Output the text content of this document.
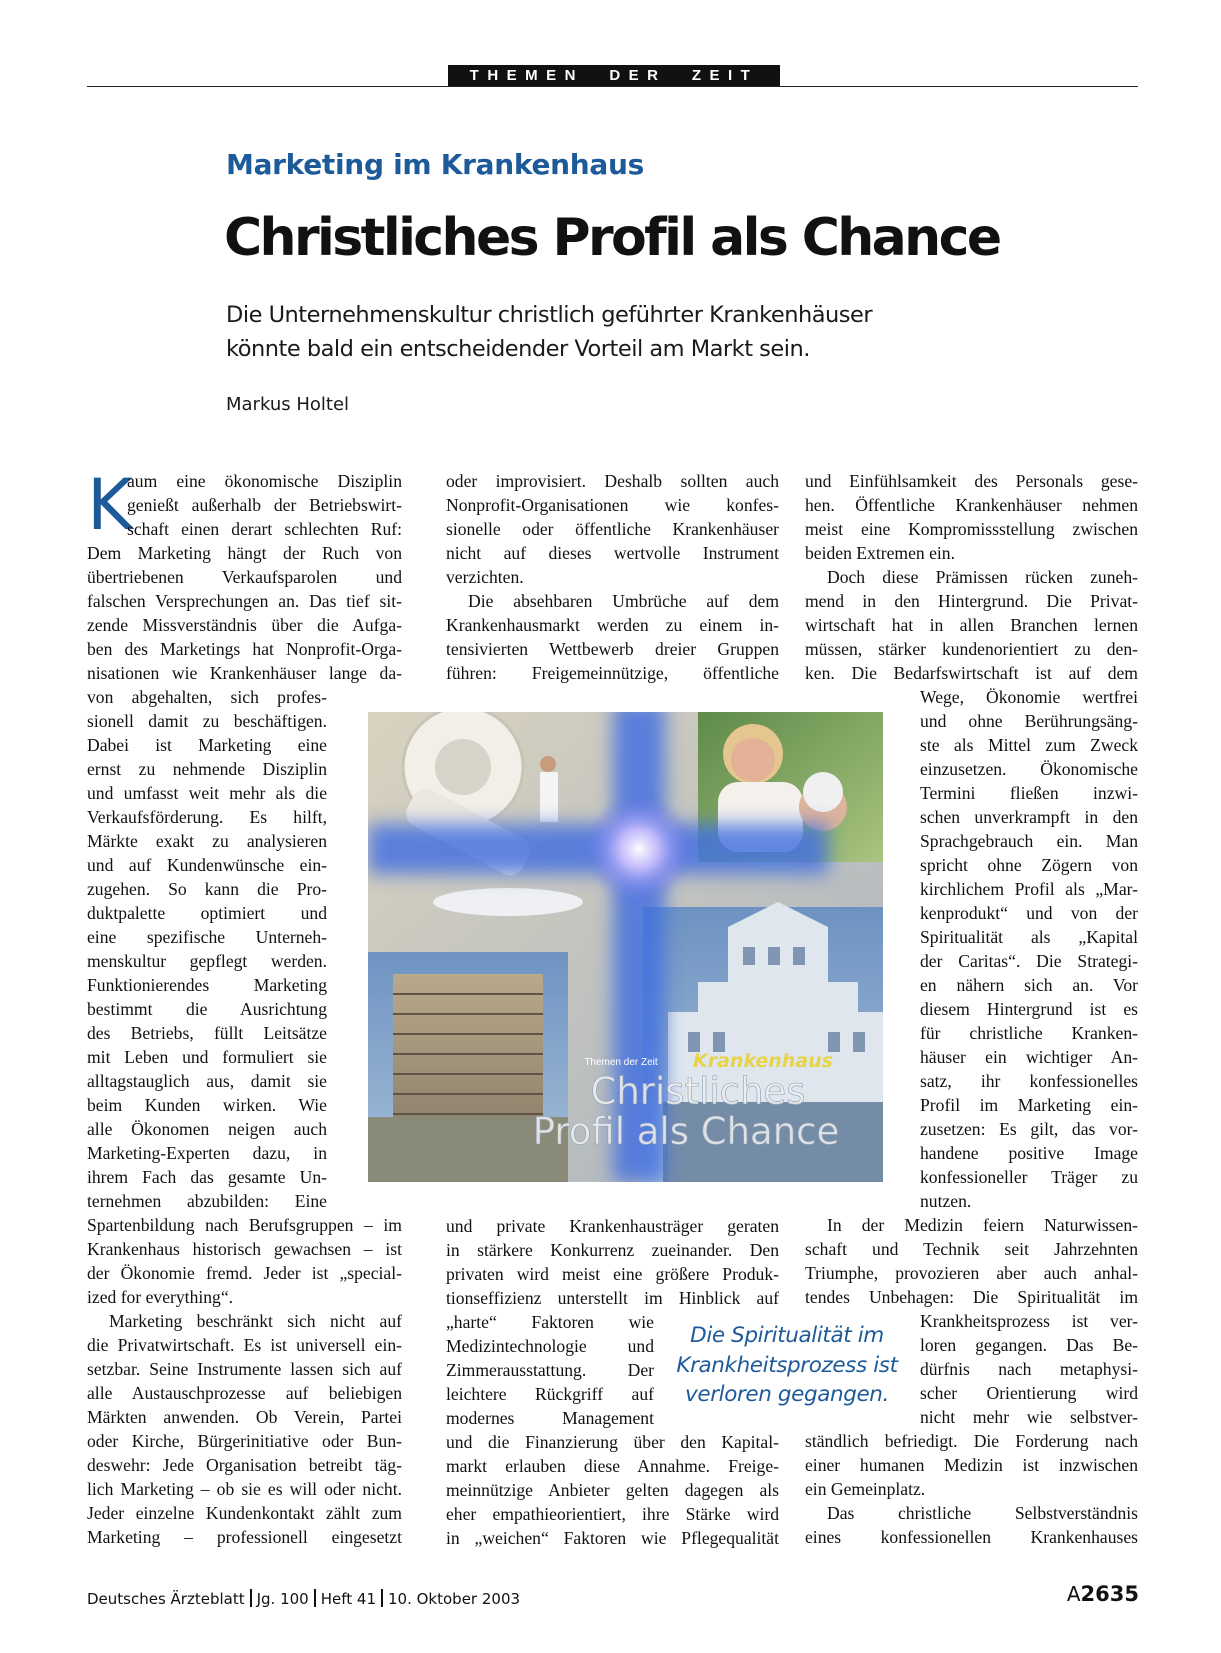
THEMEN  DER  ZEIT
Marketing im Krankenhaus
Christliches Profil als Chance
Die Unternehmenskultur christlich geführter Krankenhäuser
könnte bald ein entscheidender Vorteil am Markt sein.
Markus Holtel
K
aum eine ökonomische Disziplin
genießt außerhalb der Betriebswirt-
schaft einen derart schlechten Ruf:
Dem Marketing hängt der Ruch von
übertriebenen Verkaufsparolen und
falschen Versprechungen an. Das tief sit-
zende Missverständnis über die Aufga-
ben des Marketings hat Nonprofit-Orga-
nisationen wie Krankenhäuser lange da-
von abgehalten, sich profes-
sionell damit zu beschäftigen.
Dabei ist Marketing eine
ernst zu nehmende Disziplin
und umfasst weit mehr als die
Verkaufsförderung. Es hilft,
Märkte exakt zu analysieren
und auf Kundenwünsche ein-
zugehen. So kann die Pro-
duktpalette optimiert und
eine spezifische Unterneh-
menskultur gepflegt werden.
Funktionierendes Marketing
bestimmt die Ausrichtung
des Betriebs, füllt Leitsätze
mit Leben und formuliert sie
alltagstauglich aus, damit sie
beim Kunden wirken. Wie
alle Ökonomen neigen auch
Marketing-Experten dazu, in
ihrem Fach das gesamte Un-
ternehmen abzubilden: Eine
Spartenbildung nach Berufsgruppen – im
Krankenhaus historisch gewachsen – ist
der Ökonomie fremd. Jeder ist „special-
ized for everything“.
Marketing beschränkt sich nicht auf
die Privatwirtschaft. Es ist universell ein-
setzbar. Seine Instrumente lassen sich auf
alle Austauschprozesse auf beliebigen
Märkten anwenden. Ob Verein, Partei
oder Kirche, Bürgerinitiative oder Bun-
deswehr: Jede Organisation betreibt täg-
lich Marketing – ob sie es will oder nicht.
Jeder einzelne Kundenkontakt zählt zum
Marketing – professionell eingesetzt
oder improvisiert. Deshalb sollten auch
Nonprofit-Organisationen wie konfes-
sionelle oder öffentliche Krankenhäuser
nicht auf dieses wertvolle Instrument
verzichten.
Die absehbaren Umbrüche auf dem
Krankenhausmarkt werden zu einem in-
tensivierten Wettbewerb dreier Gruppen
führen: Freigemeinnützige, öffentliche
und private Krankenhausträger geraten
in stärkere Konkurrenz zueinander. Den
privaten wird meist eine größere Produk-
tionseffizienz unterstellt im Hinblick auf
„harte“ Faktoren wie
Medizintechnologie und
Zimmerausstattung. Der
leichtere Rückgriff auf
modernes Management
und die Finanzierung über den Kapital-
markt erlauben diese Annahme. Freige-
meinnützige Anbieter gelten dagegen als
eher empathieorientiert, ihre Stärke wird
in „weichen“ Faktoren wie Pflegequalität
und Einfühlsamkeit des Personals gese-
hen. Öffentliche Krankenhäuser nehmen
meist eine Kompromissstellung zwischen
beiden Extremen ein.
Doch diese Prämissen rücken zuneh-
mend in den Hintergrund. Die Privat-
wirtschaft hat in allen Branchen lernen
müssen, stärker kundenorientiert zu den-
ken. Die Bedarfswirtschaft ist auf dem
Wege, Ökonomie wertfrei
und ohne Berührungsäng-
ste als Mittel zum Zweck
einzusetzen. Ökonomische
Termini fließen inzwi-
schen unverkrampft in den
Sprachgebrauch ein. Man
spricht ohne Zögern von
kirchlichem Profil als „Mar-
kenprodukt“ und von der
Spiritualität als „Kapital
der Caritas“. Die Strategi-
en nähern sich an. Vor
diesem Hintergrund ist es
für christliche Kranken-
häuser ein wichtiger An-
satz, ihr konfessionelles
Profil im Marketing ein-
zusetzen: Es gilt, das vor-
handene positive Image
konfessioneller Träger zu
nutzen.
In der Medizin feiern Naturwissen-
schaft und Technik seit Jahrzehnten
Triumphe, provozieren aber auch anhal-
tendes Unbehagen: Die Spiritualität im
Krankheitsprozess ist ver-
loren gegangen. Das Be-
dürfnis nach metaphysi-
scher Orientierung wird
nicht mehr wie selbstver-
ständlich befriedigt. Die Forderung nach
einer humanen Medizin ist inzwischen
ein Gemeinplatz.
Das christliche Selbstverständnis
eines konfessionellen Krankenhauses
Themen der Zeit Krankenhaus
Christliches
Profil als Chance
Die Spiritualität im
Krankheitsprozess ist
verloren gegangen.
Deutsches Ärzteblatt Jg. 100 Heft 41 10. Oktober 2003	A2635
